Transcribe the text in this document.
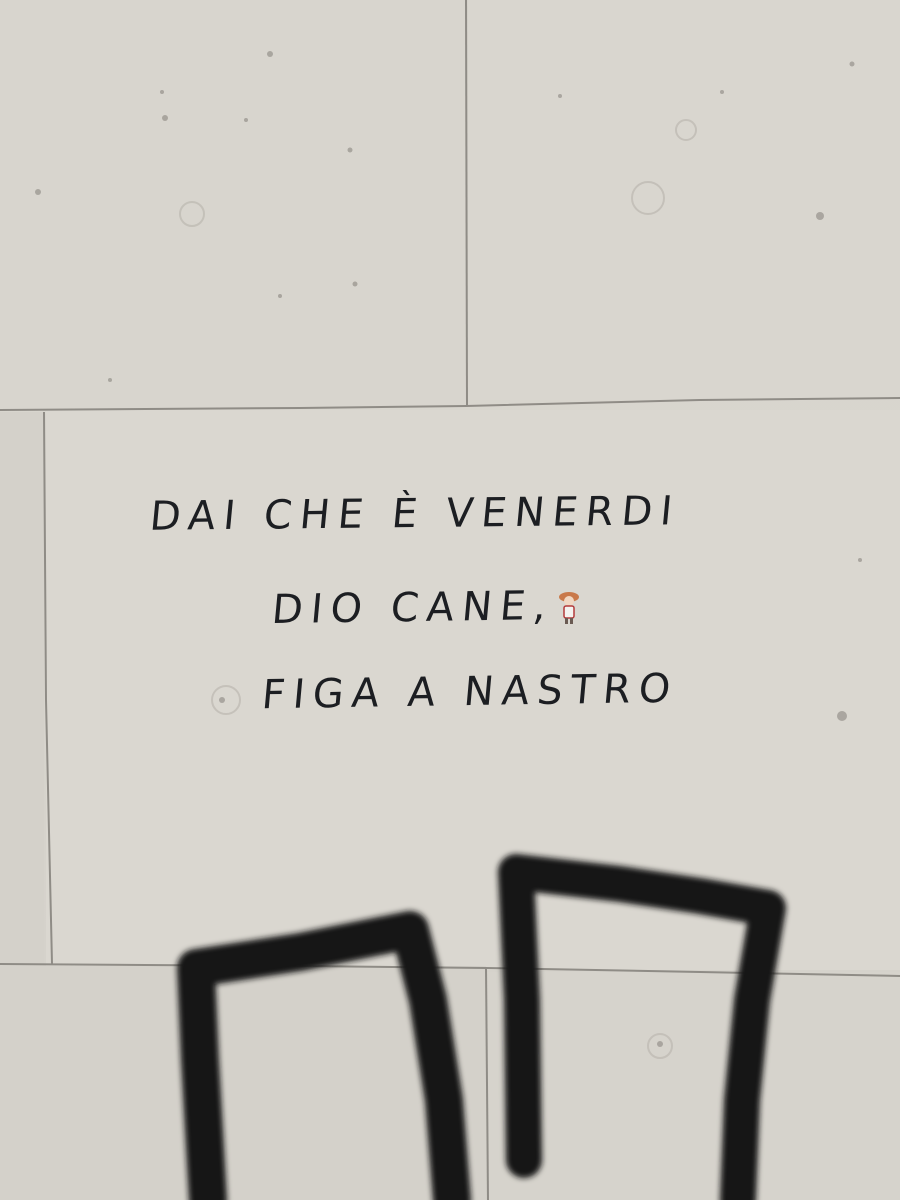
DAI CHE È VENERDI

DIO CANE,

FIGA A NASTRO
